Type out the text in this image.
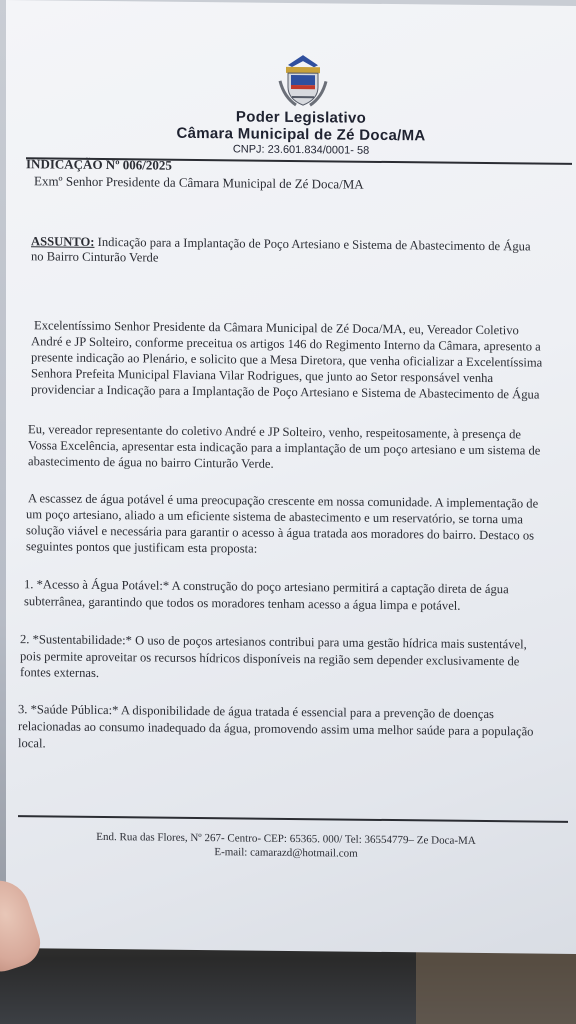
Poder Legislativo
Câmara Municipal de Zé Doca/MA
CNPJ: 23.601.834/0001- 58
INDICAÇÃO Nº 006/2025
Exmº Senhor Presidente da Câmara Municipal de Zé Doca/MA
ASSUNTO: Indicação para a Implantação de Poço Artesiano e Sistema de Abastecimento de Água
no Bairro Cinturão Verde
Excelentíssimo Senhor Presidente da Câmara Municipal de Zé Doca/MA, eu, Vereador Coletivo
André e JP Solteiro, conforme preceitua os artigos 146 do Regimento Interno da Câmara, apresento a
presente indicação ao Plenário, e solicito que a Mesa Diretora, que venha oficializar a Excelentíssima
Senhora Prefeita Municipal Flaviana Vilar Rodrigues, que junto ao Setor responsável venha
providenciar a Indicação para a Implantação de Poço Artesiano e Sistema de Abastecimento de Água
Eu, vereador representante do coletivo André e JP Solteiro, venho, respeitosamente, à presença de
Vossa Excelência, apresentar esta indicação para a implantação de um poço artesiano e um sistema de
abastecimento de água no bairro Cinturão Verde.
A escassez de água potável é uma preocupação crescente em nossa comunidade. A implementação de
um poço artesiano, aliado a um eficiente sistema de abastecimento e um reservatório, se torna uma
solução viável e necessária para garantir o acesso à água tratada aos moradores do bairro. Destaco os
seguintes pontos que justificam esta proposta:
1. *Acesso à Água Potável:* A construção do poço artesiano permitirá a captação direta de água
subterrânea, garantindo que todos os moradores tenham acesso a água limpa e potável.
2. *Sustentabilidade:* O uso de poços artesianos contribui para uma gestão hídrica mais sustentável,
pois permite aproveitar os recursos hídricos disponíveis na região sem depender exclusivamente de
fontes externas.
3. *Saúde Pública:* A disponibilidade de água tratada é essencial para a prevenção de doenças
relacionadas ao consumo inadequado da água, promovendo assim uma melhor saúde para a população
local.
End. Rua das Flores, Nº 267- Centro- CEP: 65365. 000/ Tel: 36554779– Ze Doca-MA
E-mail: camarazd@hotmail.com
